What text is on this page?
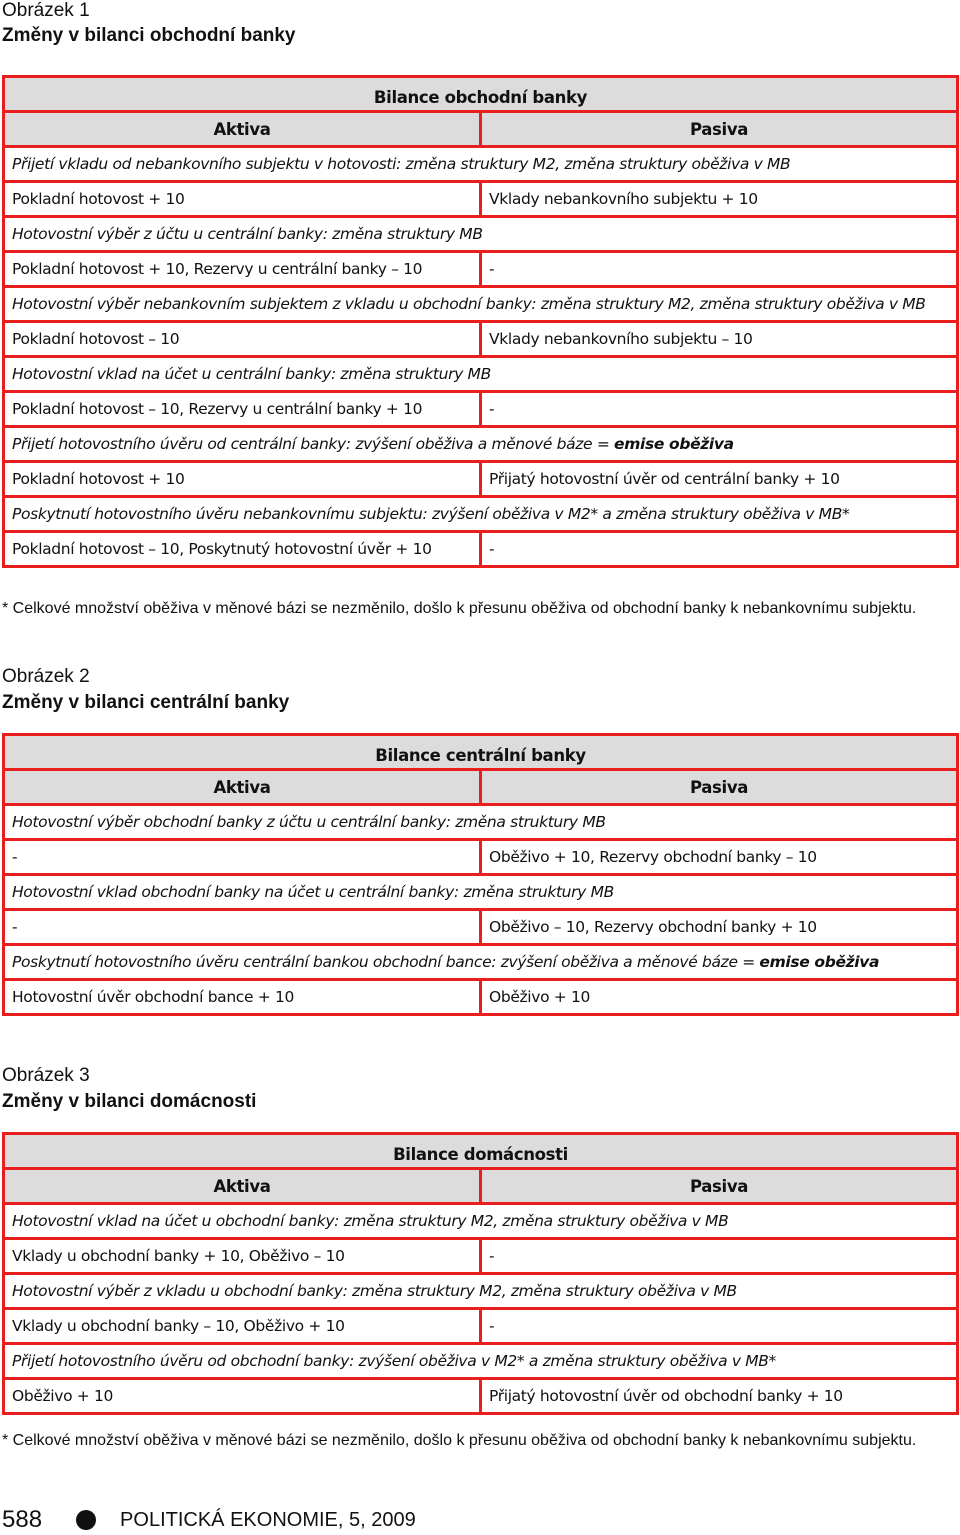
Obrázek 1
Změny v bilanci obchodní banky
Bilance obchodní banky	
Aktiva	Pasiva
Přijetí vkladu od nebankovního subjektu v hotovosti: změna struktury M2, změna struktury oběživa v MB	
Pokladní hotovost + 10	Vklady nebankovního subjektu + 10
Hotovostní výběr z účtu u centrální banky: změna struktury MB	
Pokladní hotovost + 10, Rezervy u centrální banky – 10	-
Hotovostní výběr nebankovním subjektem z vkladu u obchodní banky: změna struktury M2, změna struktury oběživa v MB	
Pokladní hotovost – 10	Vklady nebankovního subjektu – 10
Hotovostní vklad na účet u centrální banky: změna struktury MB	
Pokladní hotovost – 10, Rezervy u centrální banky + 10	-
Přijetí hotovostního úvěru od centrální banky: zvýšení oběživa a měnové báze = emise oběživa	
Pokladní hotovost + 10	Přijatý hotovostní úvěr od centrální banky + 10
Poskytnutí hotovostního úvěru nebankovnímu subjektu: zvýšení oběživa v M2* a změna struktury oběživa v MB*	
Pokladní hotovost – 10, Poskytnutý hotovostní úvěr + 10	-
* Celkové množství oběživa v měnové bázi se nezměnilo, došlo k přesunu oběživa od obchodní banky k nebankovnímu subjektu.
Obrázek 2
Změny v bilanci centrální banky
Bilance centrální banky	
Aktiva	Pasiva
Hotovostní výběr obchodní banky z účtu u centrální banky: změna struktury MB	
-	Oběživo + 10, Rezervy obchodní banky – 10
Hotovostní vklad obchodní banky na účet u centrální banky: změna struktury MB	
-	Oběživo – 10, Rezervy obchodní banky + 10
Poskytnutí hotovostního úvěru centrální bankou obchodní bance: zvýšení oběživa a měnové báze = emise oběživa	
Hotovostní úvěr obchodní bance + 10	Oběživo + 10
Obrázek 3
Změny v bilanci domácnosti
Bilance domácnosti	
Aktiva	Pasiva
Hotovostní vklad na účet u obchodní banky: změna struktury M2, změna struktury oběživa v MB	
Vklady u obchodní banky + 10, Oběživo – 10	-
Hotovostní výběr z vkladu u obchodní banky: změna struktury M2, změna struktury oběživa v MB	
Vklady u obchodní banky – 10, Oběživo + 10	-
Přijetí hotovostního úvěru od obchodní banky: zvýšení oběživa v M2* a změna struktury oběživa v MB*	
Oběživo + 10	Přijatý hotovostní úvěr od obchodní banky + 10
* Celkové množství oběživa v měnové bázi se nezměnilo, došlo k přesunu oběživa od obchodní banky k nebankovnímu subjektu.
588	POLITICKÁ EKONOMIE, 5, 2009
